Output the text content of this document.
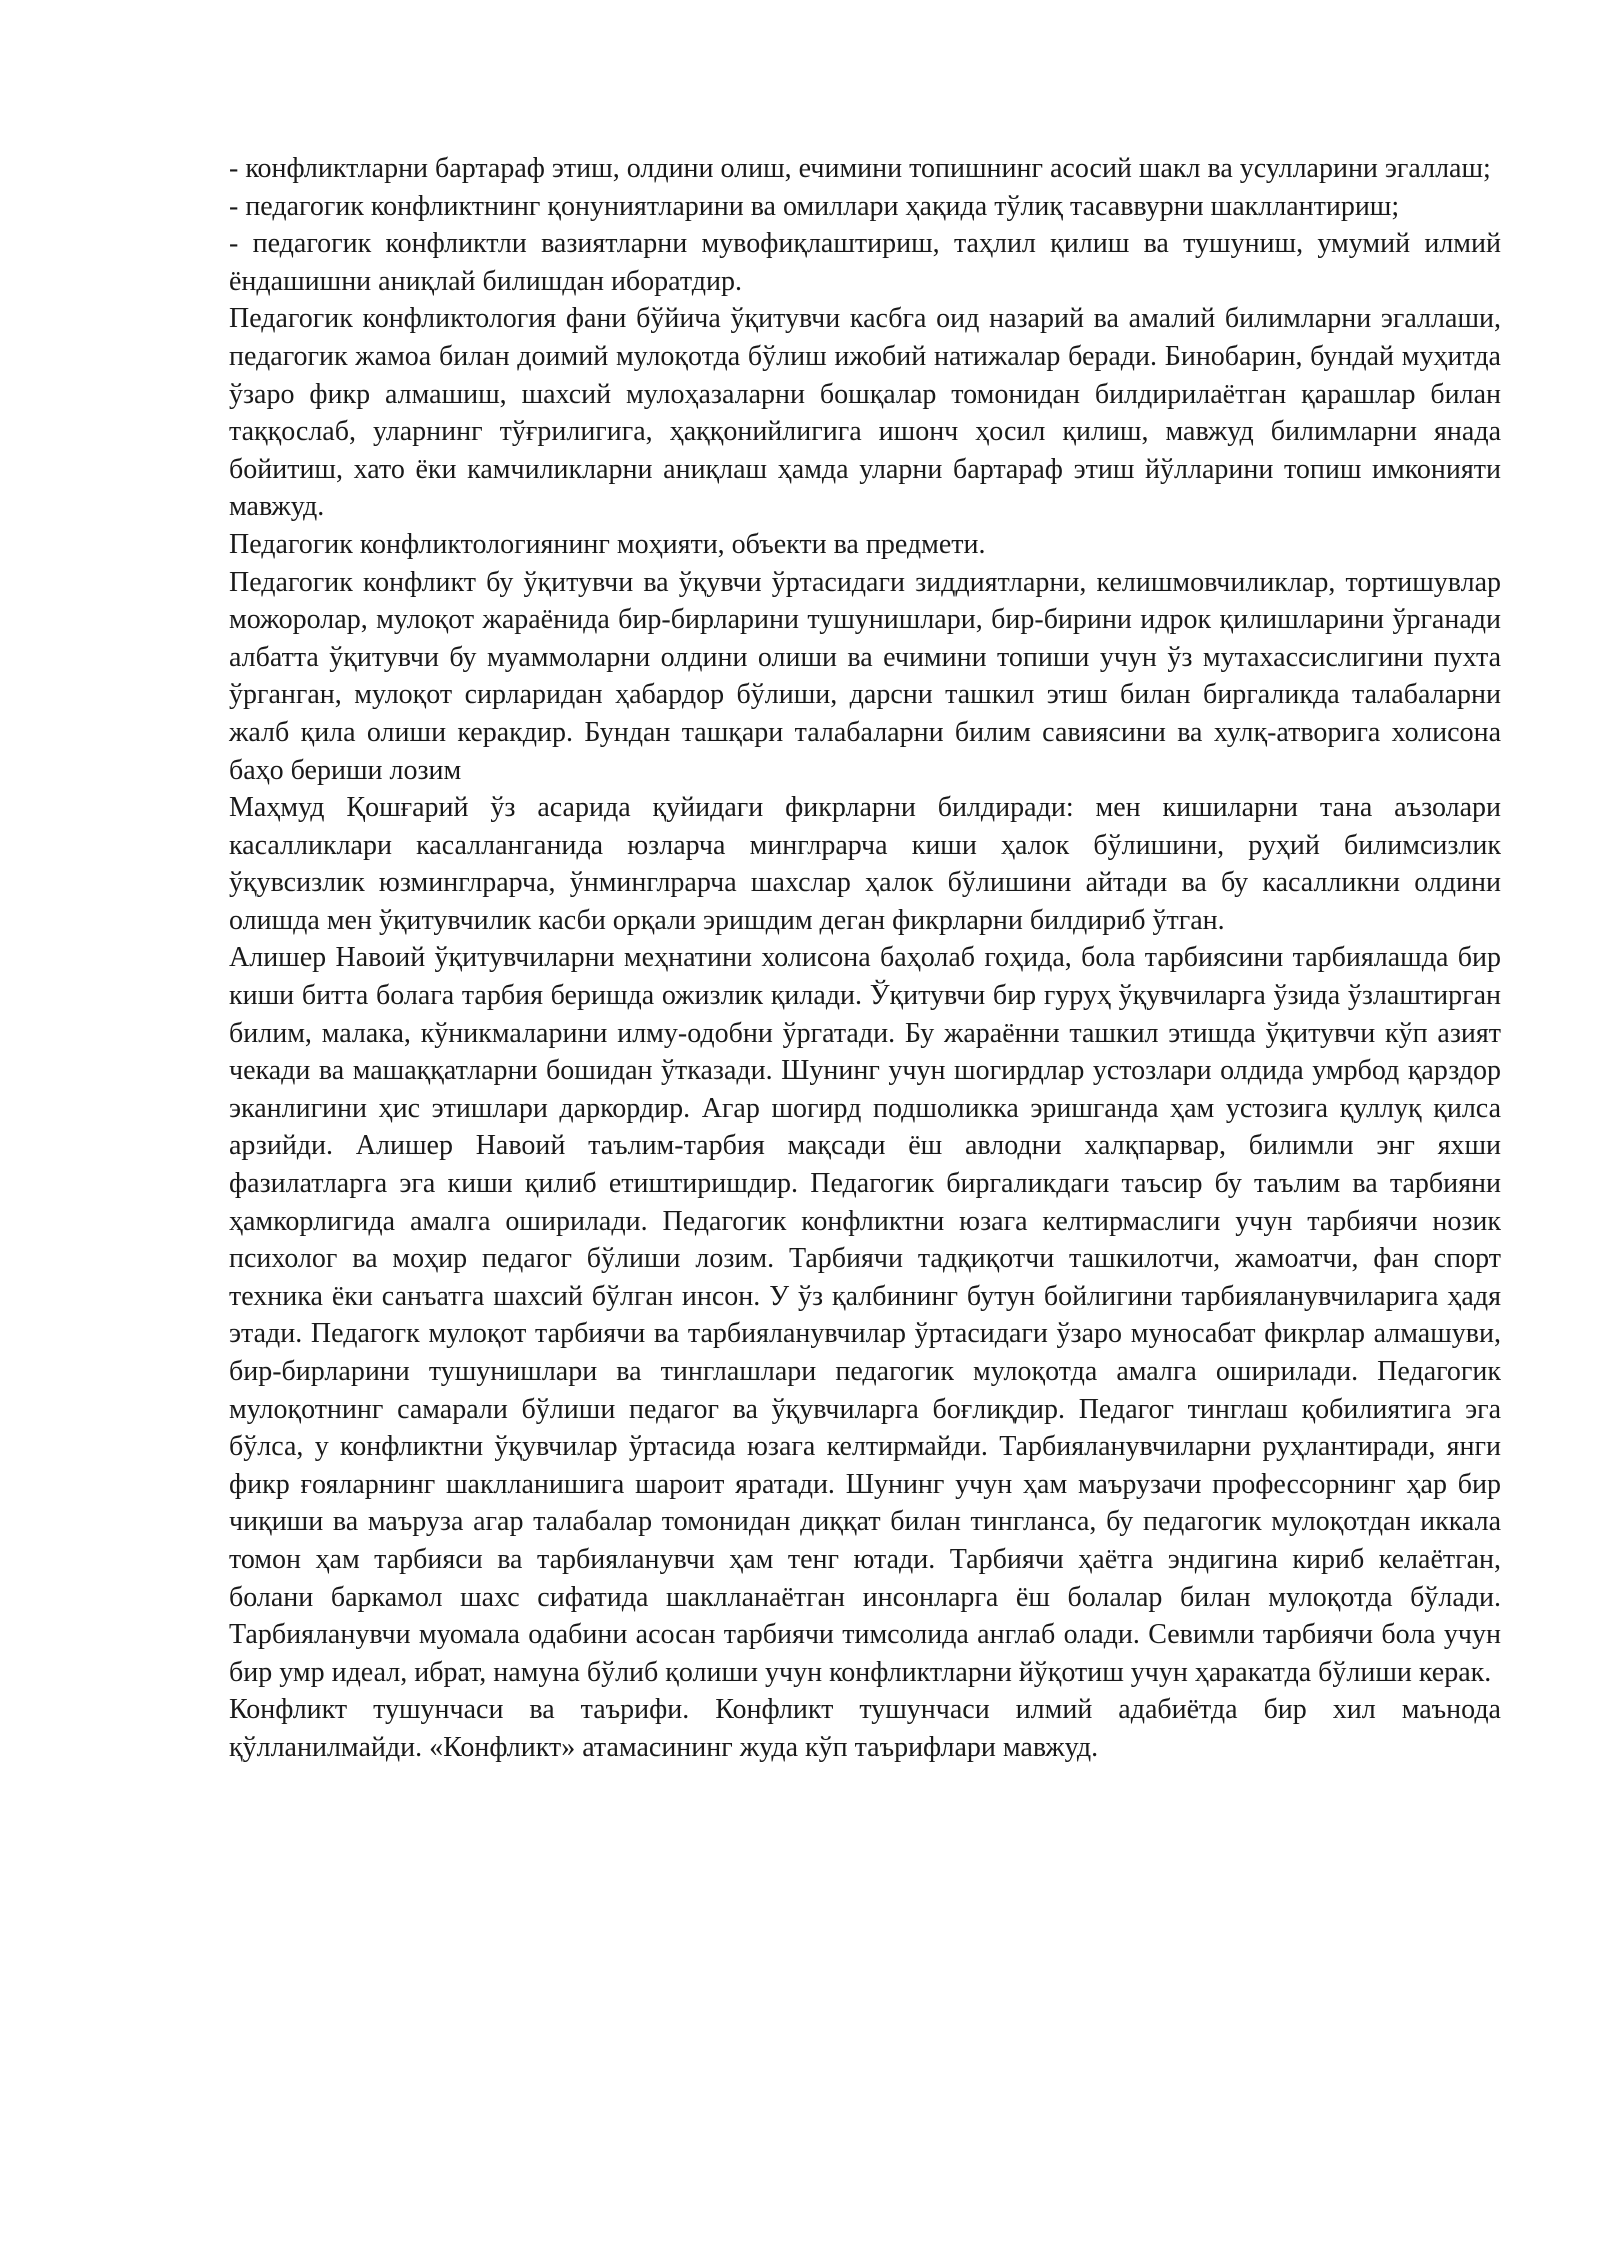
- конфликтларни бартараф этиш, олдини олиш, ечимини топишнинг асосий шакл ва усулларини эгаллаш;

- педагогик конфликтнинг қонуниятларини ва омиллари ҳақида тўлиқ тасаввурни шакллантириш;

- педагогик конфликтли вазиятларни мувофиқлаштириш, таҳлил қилиш ва тушуниш, умумий илмий ёндашишни аниқлай билишдан иборатдир.

Педагогик конфликтология фани бўйича ўқитувчи касбга оид назарий ва амалий билимларни эгаллаши, педагогик жамоа билан доимий мулоқотда бўлиш ижобий натижалар беради. Бинобарин, бундай муҳитда ўзаро фикр алмашиш, шахсий мулоҳазаларни бошқалар томонидан билдирилаётган қарашлар билан таққослаб, уларнинг тўғрилигига, ҳаққонийлигига ишонч ҳосил қилиш, мавжуд билимларни янада бойитиш, хато ёки камчиликларни аниқлаш ҳамда уларни бартараф этиш йўлларини топиш имконияти мавжуд.

Педагогик конфликтологиянинг моҳияти, объекти ва предмети.

Педагогик конфликт бу ўқитувчи ва ўқувчи ўртасидаги зиддиятларни, келишмовчиликлар, тортишувлар можоролар, мулоқот жараёнида бир-бирларини тушунишлари, бир-бирини идрок қилишларини ўрганади албатта ўқитувчи бу муаммоларни олдини олиши ва ечимини топиши учун ўз мутахассислигини пухта ўрганган, мулоқот сирларидан ҳабардор бўлиши, дарсни ташкил этиш билан биргаликда талабаларни жалб қила олиши керакдир. Бундан ташқари талабаларни билим савиясини ва хулқ-атворига холисона баҳо бериши лозим

Маҳмуд Қошғарий ўз асарида қуйидаги фикрларни билдиради: мен кишиларни тана аъзолари касалликлари касалланганида юзларча минглрарча киши ҳалок бўлишини, руҳий билимсизлик ўқувсизлик юзминглрарча, ўнминглрарча шахслар ҳалок бўлишини айтади ва бу касалликни олдини олишда мен ўқитувчилик касби орқали эришдим деган фикрларни билдириб ўтган.

Алишер Навоий ўқитувчиларни меҳнатини холисона баҳолаб гоҳида, бола тарбиясини тарбиялашда бир киши битта болага тарбия беришда ожизлик қилади. Ўқитувчи бир гуруҳ ўқувчиларга ўзида ўзлаштирган билим, малака, кўникмаларини илму-одобни ўргатади. Бу жараённи ташкил этишда ўқитувчи кўп азият чекади ва машаққатларни бошидан ўтказади. Шунинг учун шогирдлар устозлари олдида умрбод қарздор эканлигини ҳис этишлари даркордир. Агар шогирд подшоликка эришганда ҳам устозига қуллуқ қилса арзийди. Алишер Навоий таълим-тарбия мақсади ёш авлодни халқпарвар, билимли энг яхши фазилатларга эга киши қилиб етиштиришдир. Педагогик биргаликдаги таъсир бу таълим ва тарбияни ҳамкорлигида амалга оширилади. Педагогик конфликтни юзага келтирмаслиги учун тарбиячи нозик психолог ва моҳир педагог бўлиши лозим. Тарбиячи тадқиқотчи ташкилотчи, жамоатчи, фан спорт техника ёки санъатга шахсий бўлган инсон. У ўз қалбининг бутун бойлигини тарбияланувчиларига ҳадя этади. Педагогк мулоқот тарбиячи ва тарбияланувчилар ўртасидаги ўзаро муносабат фикрлар алмашуви, бир-бирларини тушунишлари ва тинглашлари педагогик мулоқотда амалга оширилади. Педагогик мулоқотнинг самарали бўлиши педагог ва ўқувчиларга боғлиқдир. Педагог тинглаш қобилиятига эга бўлса, у конфликтни ўқувчилар ўртасида юзага келтирмайди. Тарбияланувчиларни руҳлантиради, янги фикр ғояларнинг шаклланишига шароит яратади. Шунинг учун ҳам маърузачи профессорнинг ҳар бир чиқиши ва маъруза агар талабалар томонидан диққат билан тингланса, бу педагогик мулоқотдан иккала томон ҳам тарбияси ва тарбияланувчи ҳам тенг ютади. Тарбиячи ҳаётга эндигина кириб келаётган, болани баркамол шахс сифатида шаклланаётган инсонларга ёш болалар билан мулоқотда бўлади. Тарбияланувчи муомала одабини асосан тарбиячи тимсолида англаб олади. Севимли тарбиячи бола учун бир умр идеал, ибрат, намуна бўлиб қолиши учун конфликтларни йўқотиш учун ҳаракатда бўлиши керак.

Конфликт тушунчаси ва таърифи. Конфликт тушунчаси илмий адабиётда бир хил маънода қўлланилмайди. «Конфликт» атамасининг жуда кўп таърифлари мавжуд.
